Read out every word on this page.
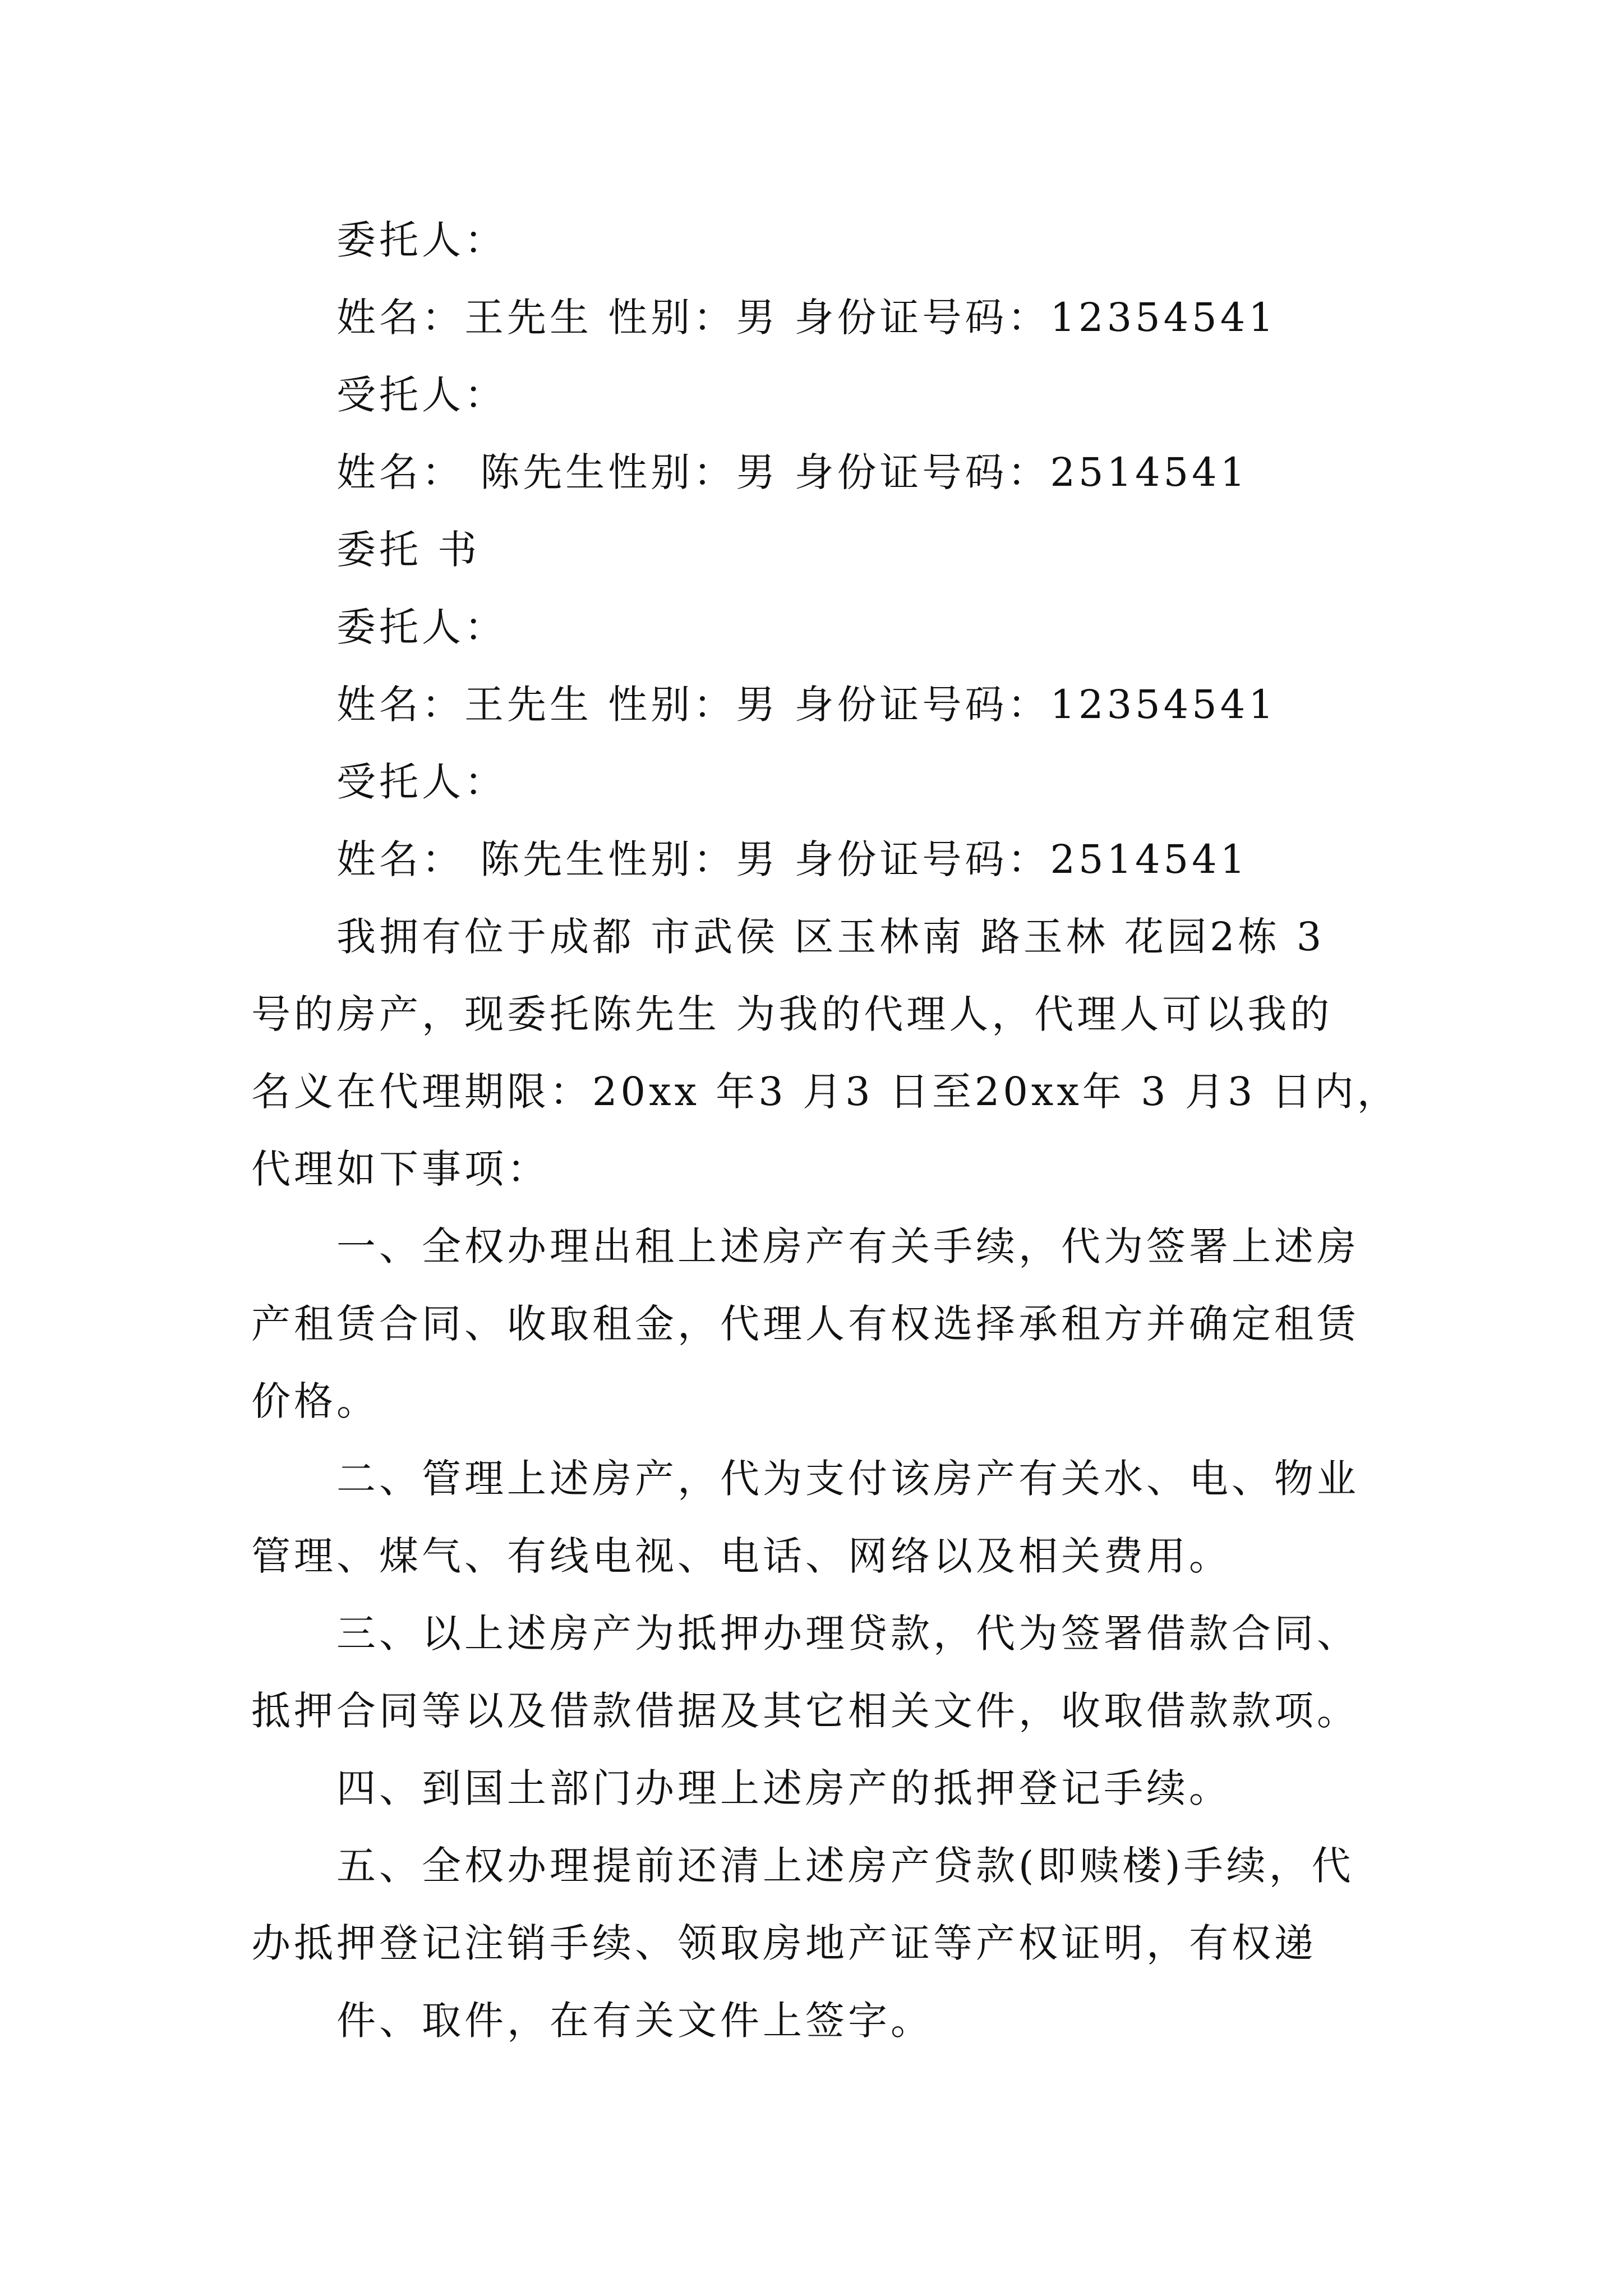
委托人：
姓名：王先生 性别：男 身份证号码：12354541
受托人：
姓名： 陈先生性别：男 身份证号码：2514541
委托 书
委托人：
姓名：王先生 性别：男 身份证号码：12354541
受托人：
姓名： 陈先生性别：男 身份证号码：2514541
我拥有位于成都 市武侯 区玉林南 路玉林 花园2栋 3
号的房产，现委托陈先生 为我的代理人，代理人可以我的
名义在代理期限：20xx 年3 月3 日至20xx年 3 月3 日内，
代理如下事项：
一、全权办理出租上述房产有关手续，代为签署上述房
产租赁合同、收取租金，代理人有权选择承租方并确定租赁
价格。
二、管理上述房产，代为支付该房产有关水、电、物业
管理、煤气、有线电视、电话、网络以及相关费用。
三、以上述房产为抵押办理贷款，代为签署借款合同、
抵押合同等以及借款借据及其它相关文件，收取借款款项。
四、到国土部门办理上述房产的抵押登记手续。
五、全权办理提前还清上述房产贷款(即赎楼)手续，代
办抵押登记注销手续、领取房地产证等产权证明，有权递
件、取件，在有关文件上签字。
